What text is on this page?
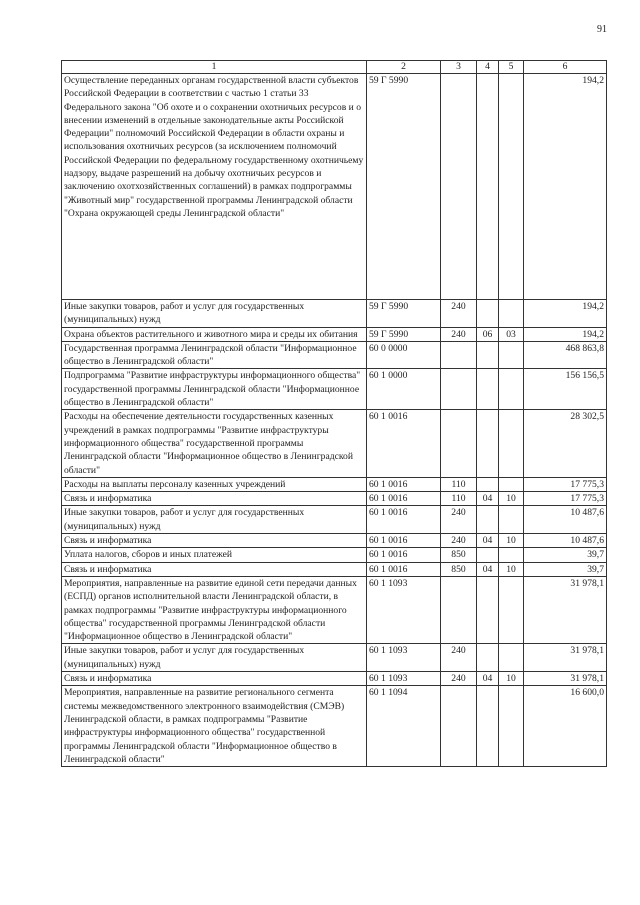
91
1	2	3	4	5	6
Осуществление переданных органам государственной власти субъектов Российской Федерации в соответствии с частью 1 статьи 33 Федерального закона "Об охоте и о сохранении охотничьих ресурсов и о внесении изменений в отдельные законодательные акты Российской Федерации" полномочий Российской Федерации в области охраны и использования охотничьих ресурсов (за исключением полномочий Российской Федерации по федеральному государственному охотничьему надзору, выдаче разрешений на добычу охотничьих ресурсов и заключению охотхозяйственных соглашений) в рамках подпрограммы "Животный мир" государственной программы Ленинградской области "Охрана окружающей среды Ленинградской области"	59 Г 5990				194,2
Иные закупки товаров, работ и услуг для государственных (муниципальных) нужд	59 Г 5990	240			194,2
Охрана объектов растительного и животного мира и среды их обитания	59 Г 5990	240	06	03	194,2
Государственная программа Ленинградской области "Информационное общество в Ленинградской области"	60 0 0000				468 863,8
Подпрограмма "Развитие инфраструктуры информационного общества" государственной программы Ленинградской области "Информационное общество в Ленинградской области"	60 1 0000				156 156,5
Расходы на обеспечение деятельности государственных казенных учреждений в рамках подпрограммы "Развитие инфраструктуры информационного общества" государственной программы Ленинградской области "Информационное общество в Ленинградской области"	60 1 0016				28 302,5
Расходы на выплаты персоналу казенных учреждений	60 1 0016	110			17 775,3
Связь и информатика	60 1 0016	110	04	10	17 775,3
Иные закупки товаров, работ и услуг для государственных (муниципальных) нужд	60 1 0016	240			10 487,6
Связь и информатика	60 1 0016	240	04	10	10 487,6
Уплата налогов, сборов и иных платежей	60 1 0016	850			39,7
Связь и информатика	60 1 0016	850	04	10	39,7
Мероприятия, направленные на развитие единой сети передачи данных (ЕСПД) органов исполнительной власти Ленинградской области, в рамках подпрограммы "Развитие инфраструктуры информационного общества" государственной программы Ленинградской области "Информационное общество в Ленинградской области"	60 1 1093				31 978,1
Иные закупки товаров, работ и услуг для государственных (муниципальных) нужд	60 1 1093	240			31 978,1
Связь и информатика	60 1 1093	240	04	10	31 978,1
Мероприятия, направленные на развитие регионального сегмента системы межведомственного электронного взаимодействия (СМЭВ) Ленинградской области, в рамках подпрограммы "Развитие инфраструктуры информационного общества" государственной программы Ленинградской области "Информационное общество в Ленинградской области"	60 1 1094				16 600,0
